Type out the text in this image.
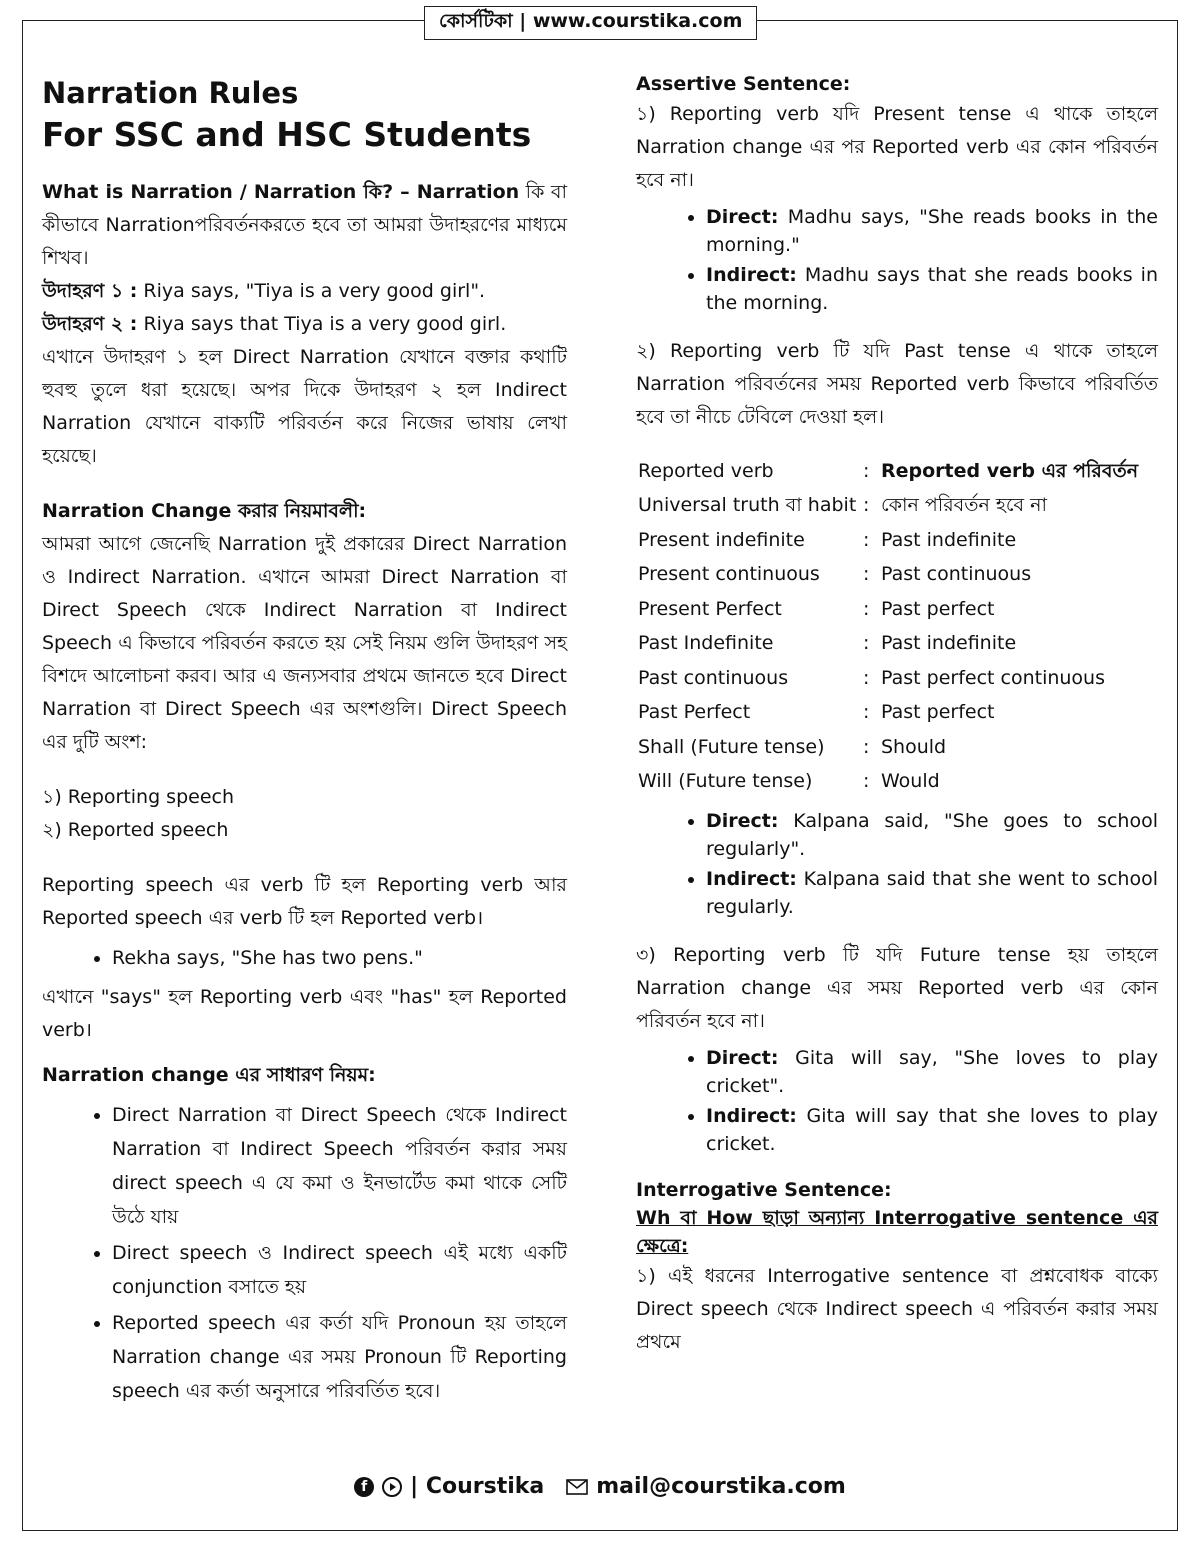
কোর্সটিকা | www.courstika.com
Narration Rules
For SSC and HSC Students

What is Narration / Narration কি? – Narration কি বা কীভাবে Narrationপরিবর্তনকরতে হবে তা আমরা উদাহরণের মাধ্যমে শিখব।

উদাহরণ ১ : Riya says, "Tiya is a very good girl".

উদাহরণ ২ : Riya says that Tiya is a very good girl.

এখানে উদাহরণ ১ হল Direct Narration যেখানে বক্তার কথাটি হুবহু তুলে ধরা হয়েছে। অপর দিকে উদাহরণ ২ হল Indirect Narration যেখানে বাক্যটি পরিবর্তন করে নিজের ভাষায় লেখা হয়েছে।

Narration Change করার নিয়মাবলী:

আমরা আগে জেনেছি Narration দুই প্রকারের Direct Narration ও Indirect Narration. এখানে আমরা Direct Narration বা Direct Speech থেকে Indirect Narration বা Indirect Speech এ কিভাবে পরিবর্তন করতে হয় সেই নিয়ম গুলি উদাহরণ সহ বিশদে আলোচনা করব। আর এ জন্যসবার প্রথমে জানতে হবে Direct Narration বা Direct Speech এর অংশগুলি। Direct Speech এর দুটি অংশ:

১) Reporting speech

২) Reported speech

Reporting speech এর verb টি হল Reporting verb আর Reported speech এর verb টি হল Reported verb।

• Rekha says, "She has two pens."

এখানে "says" হল Reporting verb এবং "has" হল Reported verb।

Narration change এর সাধারণ নিয়ম:

• Direct Narration বা Direct Speech থেকে Indirect Narration বা Indirect Speech পরিবর্তন করার সময় direct speech এ যে কমা ও ইনভার্টেড কমা থাকে সেটি উঠে যায়
• Direct speech ও Indirect speech এই মধ্যে একটি conjunction বসাতে হয়
• Reported speech এর কর্তা যদি Pronoun হয় তাহলে Narration change এর সময় Pronoun টি Reporting speech এর কর্তা অনুসারে পরিবর্তিত হবে।

Assertive Sentence:

১) Reporting verb যদি Present tense এ থাকে তাহলে Narration change এর পর Reported verb এর কোন পরিবর্তন হবে না।

• Direct: Madhu says, "She reads books in the morning."
• Indirect: Madhu says that she reads books in the morning.

২) Reporting verb টি যদি Past tense এ থাকে তাহলে Narration পরিবর্তনের সময় Reported verb কিভাবে পরিবর্তিত হবে তা নীচে টেবিলে দেওয়া হল।

Reported verb	:	Reported verb এর পরিবর্তন
Universal truth বা habit	:	কোন পরিবর্তন হবে না
Present indefinite	:	Past indefinite
Present continuous	:	Past continuous
Present Perfect	:	Past perfect
Past Indefinite	:	Past indefinite
Past continuous	:	Past perfect continuous
Past Perfect	:	Past perfect
Shall (Future tense)	:	Should
Will (Future tense)	:	Would
• Direct: Kalpana said, "She goes to school regularly".
• Indirect: Kalpana said that she went to school regularly.

৩) Reporting verb টি যদি Future tense হয় তাহলে Narration change এর সময় Reported verb এর কোন পরিবর্তন হবে না।

• Direct: Gita will say, "She loves to play cricket".
• Indirect: Gita will say that she loves to play cricket.

Interrogative Sentence:

Wh বা How ছাড়া অন্যান্য Interrogative sentence এর ক্ষেত্রে:

১) এই ধরনের Interrogative sentence বা প্রশ্নবোধক বাক্যে Direct speech থেকে Indirect speech এ পরিবর্তন করার সময় প্রথমে

f	| Courstika mail@courstika.com
